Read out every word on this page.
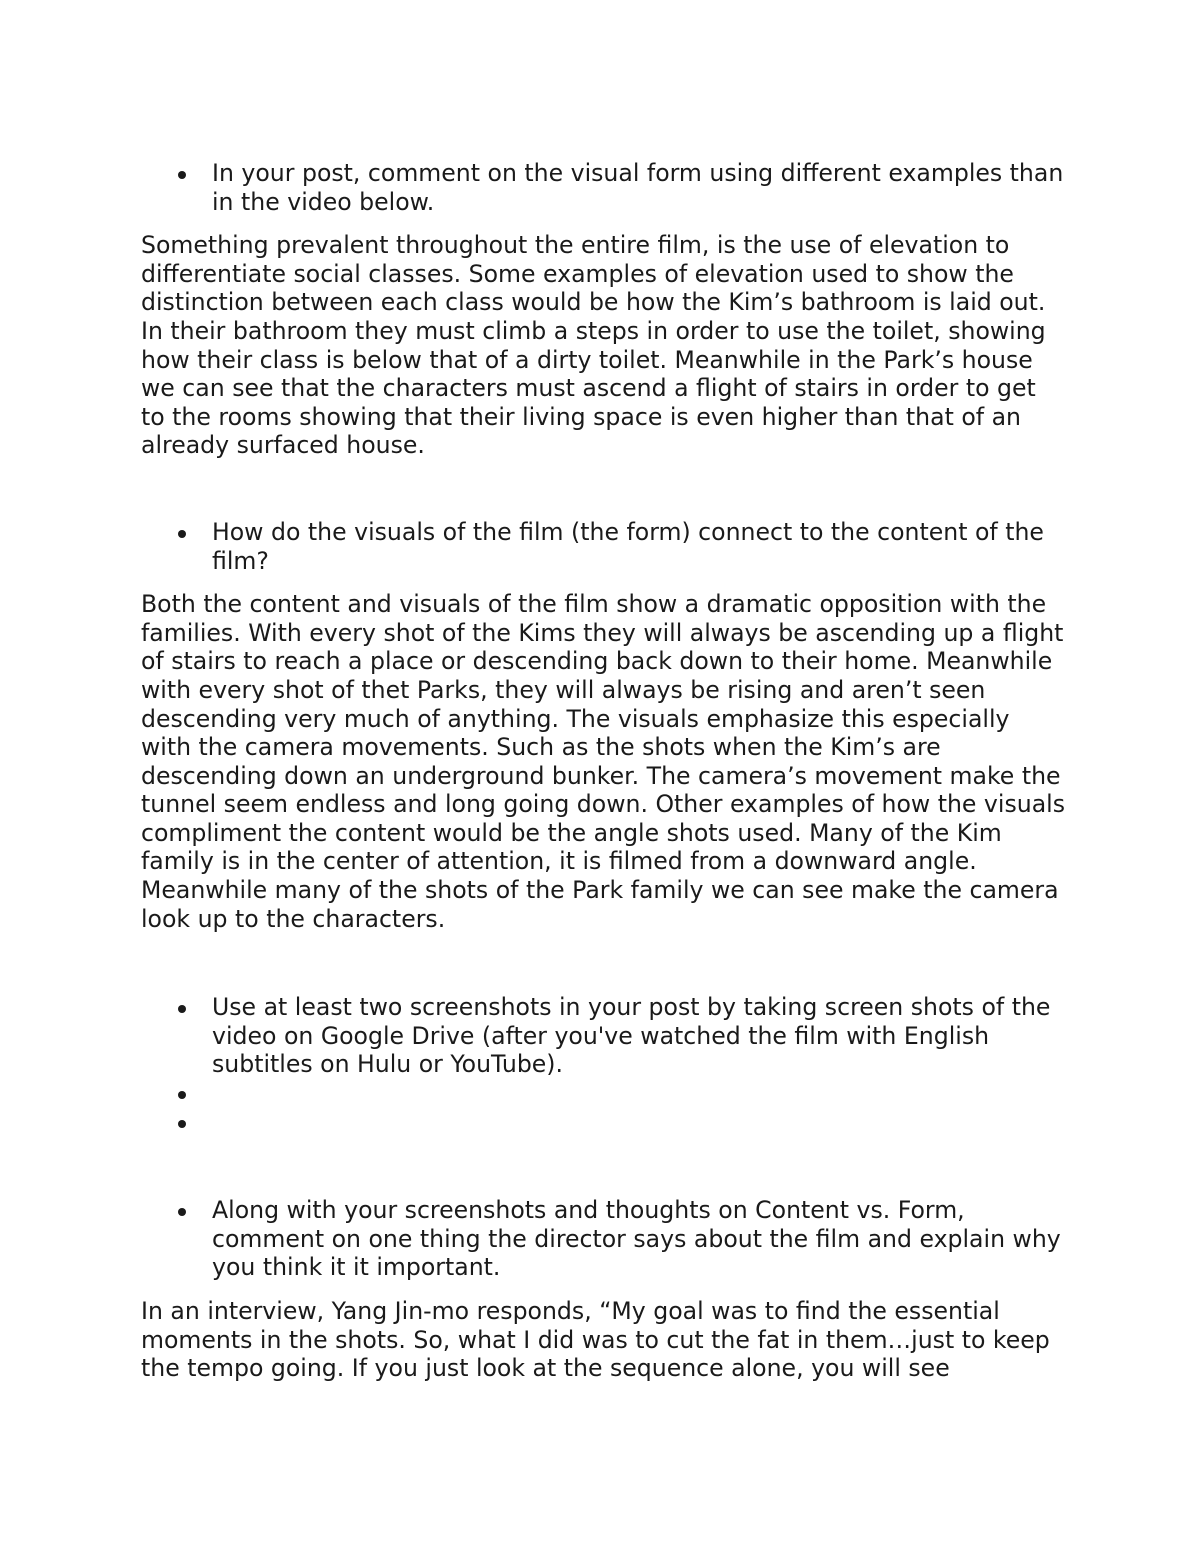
In your post, comment on the visual form using different examples than in the video below.

Something prevalent throughout the entire film, is the use of elevation to differentiate social classes. Some examples of elevation used to show the distinction between each class would be how the Kim’s bathroom is laid out. In their bathroom they must climb a steps in order to use the toilet, showing how their class is below that of a dirty toilet. Meanwhile in the Park’s house we can see that the characters must ascend a flight of stairs in order to get to the rooms showing that their living space is even higher than that of an already surfaced house.

How do the visuals of the film (the form) connect to the content of the film?

Both the content and visuals of the film show a dramatic opposition with the families. With every shot of the Kims they will always be ascending up a flight of stairs to reach a place or descending back down to their home. Meanwhile with every shot of thet Parks, they will always be rising and aren’t seen descending very much of anything. The visuals emphasize this especially with the camera movements. Such as the shots when the Kim’s are descending down an underground bunker. The camera’s movement make the tunnel seem endless and long going down. Other examples of how the visuals compliment the content would be the angle shots used. Many of the Kim family is in the center of attention, it is filmed from a downward angle. Meanwhile many of the shots of the Park family we can see make the camera look up to the characters.

Use at least two screenshots in your post by taking screen shots of the video on Google Drive (after you've watched the film with English subtitles on Hulu or YouTube).
Along with your screenshots and thoughts on Content vs. Form, comment on one thing the director says about the film and explain why you think it it important.

In an interview, Yang Jin-mo responds, “My goal was to find the essential moments in the shots. So, what I did was to cut the fat in them…just to keep the tempo going. If you just look at the sequence alone, you will see
